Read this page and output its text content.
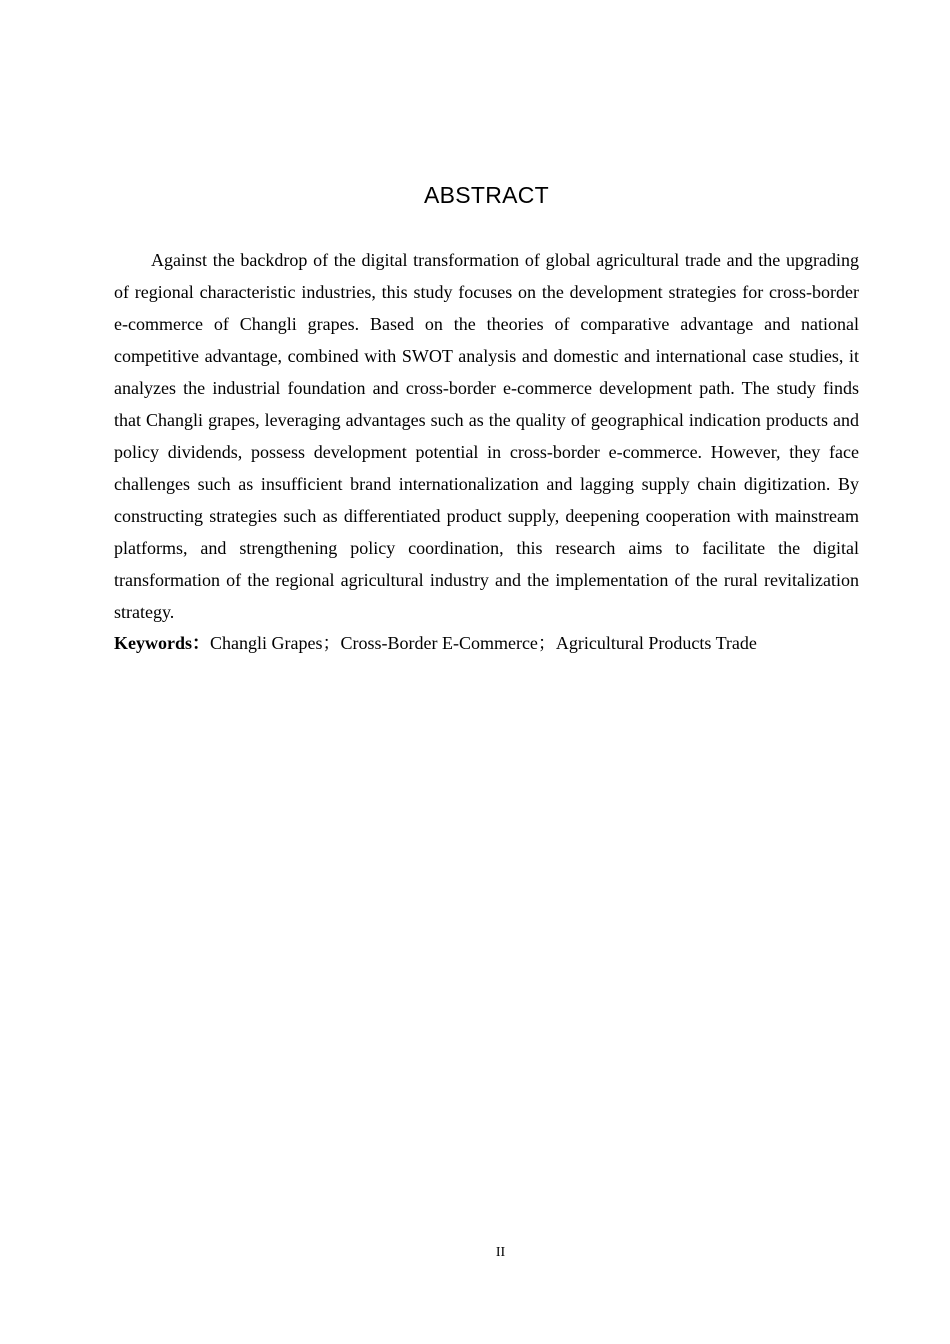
ABSTRACT

Against the backdrop of the digital transformation of global agricultural trade and the upgrading of regional characteristic industries, this study focuses on the development strategies for cross-border e-commerce of Changli grapes. Based on the theories of comparative advantage and national competitive advantage, combined with SWOT analysis and domestic and international case studies, it analyzes the industrial foundation and cross-border e-commerce development path. The study finds that Changli grapes, leveraging advantages such as the quality of geographical indication products and policy dividends, possess development potential in cross-border e-commerce. However, they face challenges such as insufficient brand internationalization and lagging supply chain digitization. By constructing strategies such as differentiated product supply, deepening cooperation with mainstream platforms, and strengthening policy coordination, this research aims to facilitate the digital transformation of the regional agricultural industry and the implementation of the rural revitalization strategy.

Keywords：Changli Grapes；Cross-Border E-Commerce；Agricultural Products Trade

II
